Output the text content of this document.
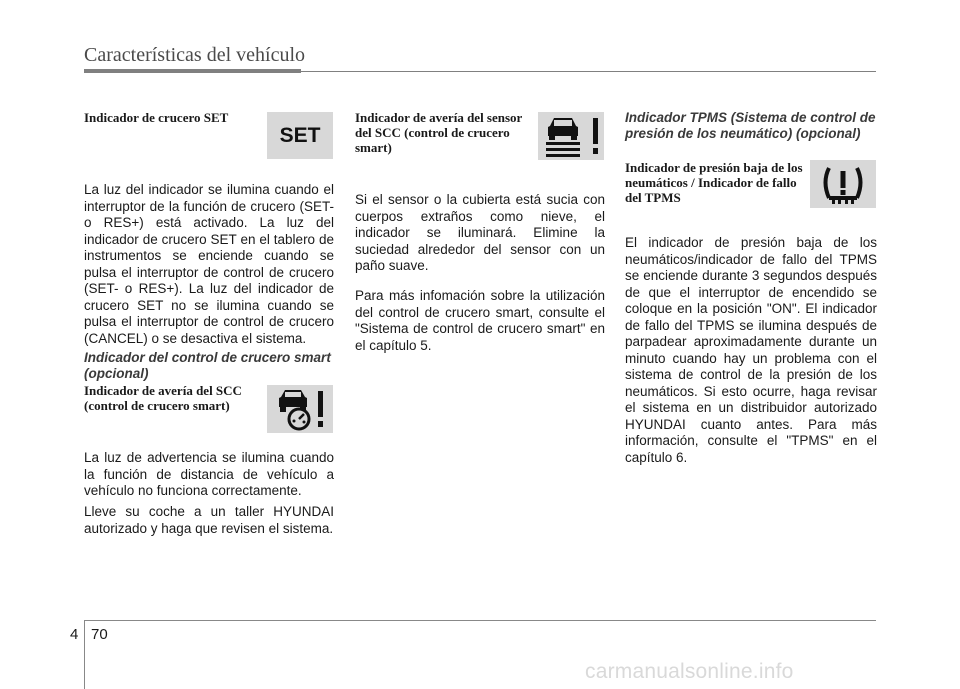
Características del vehículo
Indicador de crucero SET

La luz del indicador se ilumina cuando el interruptor de la función de crucero (SET- o RES+) está activado. La luz del indicador de crucero SET en el tablero de instrumentos se enciende cuando se pulsa el interruptor de control de crucero (SET- o RES+). La luz del indicador de crucero SET no se ilumina cuando se pulsa el interruptor de control de crucero (CANCEL) o se desactiva el sistema.

Indicador del control de crucero smart (opcional)
Indicador de avería del SCC (control de crucero smart)

La luz de advertencia se ilumina cuando la función de distancia de vehículo a vehículo no funciona correctamente.

Lleve su coche a un taller HYUNDAI autorizado y haga que revisen el sistema.

SET
Indicador de avería del sensor del SCC (control de crucero smart)

Si el sensor o la cubierta está sucia con cuerpos extraños como nieve, el indicador se iluminará. Elimine la suciedad alrededor del sensor con un paño suave.

Para más infomación sobre la utilización del control de crucero smart, consulte el "Sistema de control de crucero smart" en el capítulo 5.

Indicador TPMS (Sistema de control de presión de los neumático) (opcional)
Indicador de presión baja de los neumáticos / Indicador de fallo del TPMS

El indicador de presión baja de los neumáticos/indicador de fallo del TPMS se enciende durante 3 segundos después de que el interruptor de encendido se coloque en la posición "ON". El indicador de fallo del TPMS se ilumina después de parpadear aproximadamente durante un minuto cuando hay un problema con el sistema de control de la presión de los neumáticos. Si esto ocurre, haga revisar el sistema en un distribuidor autorizado HYUNDAI cuanto antes. Para más información, consulte el "TPMS" en el capítulo 6.

4 70
carmanualsonline.info
